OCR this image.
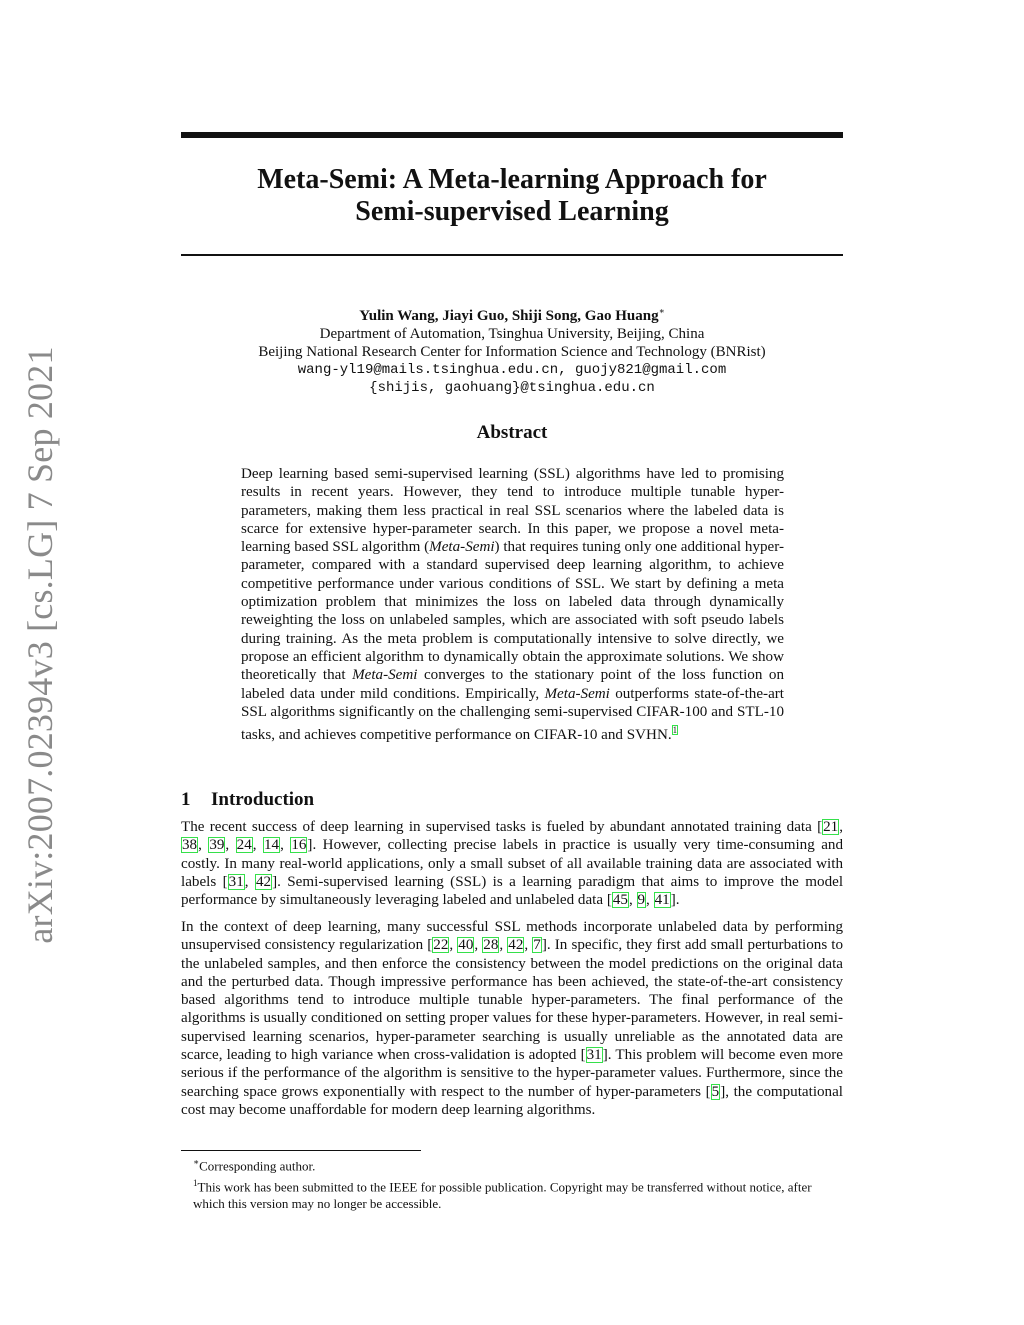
arXiv:2007.02394v3 [cs.LG] 7 Sep 2021
Meta-Semi: A Meta-learning Approach for
Semi-supervised Learning
Yulin Wang, Jiayi Guo, Shiji Song, Gao Huang∗
Department of Automation, Tsinghua University, Beijing, China
Beijing National Research Center for Information Science and Technology (BNRist)
wang-yl19@mails.tsinghua.edu.cn, guojy821@gmail.com
{shijis, gaohuang}@tsinghua.edu.cn
Abstract

Deep learning based semi-supervised learning (SSL) algorithms have led to promising results in recent years. However, they tend to introduce multiple tunable hyper-parameters, making them less practical in real SSL scenarios where the labeled data is scarce for extensive hyper-parameter search. In this paper, we propose a novel meta-learning based SSL algorithm (Meta-Semi) that requires tuning only one additional hyper-parameter, compared with a standard supervised deep learning algorithm, to achieve competitive performance under various conditions of SSL. We start by defining a meta optimization problem that minimizes the loss on labeled data through dynamically reweighting the loss on unlabeled samples, which are associated with soft pseudo labels during training. As the meta problem is computationally intensive to solve directly, we propose an efficient algorithm to dynamically obtain the approximate solutions. We show theoretically that Meta-Semi converges to the stationary point of the loss function on labeled data under mild conditions. Empirically, Meta-Semi outperforms state-of-the-art SSL algorithms significantly on the challenging semi-supervised CIFAR-100 and STL-10 tasks, and achieves competitive performance on CIFAR-10 and SVHN.$^1$

1 Introduction

The recent success of deep learning in supervised tasks is fueled by abundant annotated training data [21, 38, 39, 24, 14, 16]. However, collecting precise labels in practice is usually very time-consuming and costly. In many real-world applications, only a small subset of all available training data are associated with labels [31, 42]. Semi-supervised learning (SSL) is a learning paradigm that aims to improve the model performance by simultaneously leveraging labeled and unlabeled data [45, 9, 41].

In the context of deep learning, many successful SSL methods incorporate unlabeled data by performing unsupervised consistency regularization [22, 40, 28, 42, 7]. In specific, they first add small perturbations to the unlabeled samples, and then enforce the consistency between the model predictions on the original data and the perturbed data. Though impressive performance has been achieved, the state-of-the-art consistency based algorithms tend to introduce multiple tunable hyper-parameters. The final performance of the algorithms is usually conditioned on setting proper values for these hyper-parameters. However, in real semi-supervised learning scenarios, hyper-parameter searching is usually unreliable as the annotated data are scarce, leading to high variance when cross-validation is adopted [31]. This problem will become even more serious if the performance of the algorithm is sensitive to the hyper-parameter values. Furthermore, since the searching space grows exponentially with respect to the number of hyper-parameters [5], the computational cost may become unaffordable for modern deep learning algorithms.

∗Corresponding author.

$^1$This work has been submitted to the IEEE for possible publication. Copyright may be transferred without notice, after which this version may no longer be accessible.
